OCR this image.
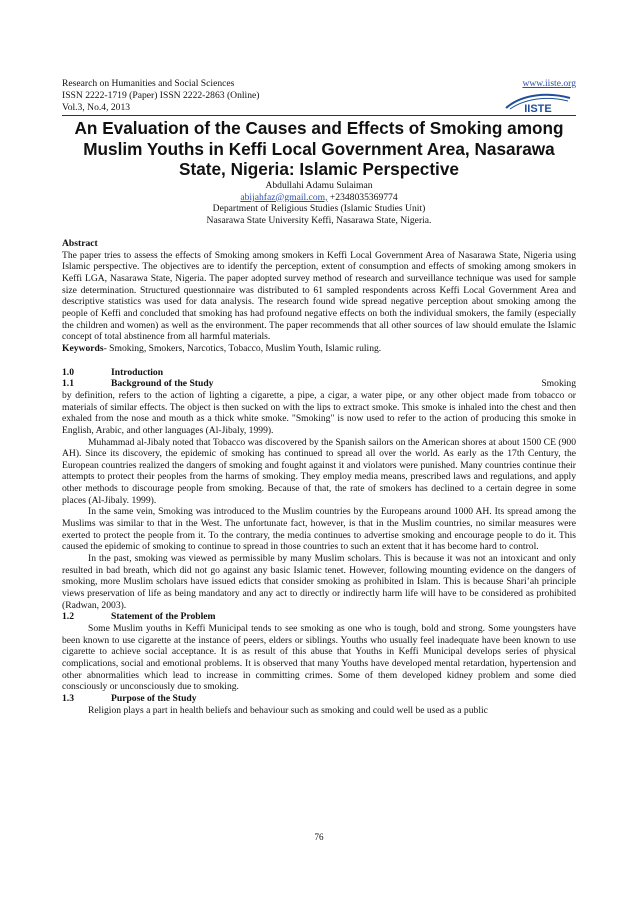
Research on Humanities and Social Sciences
ISSN 2222-1719 (Paper) ISSN 2222-2863 (Online)
Vol.3, No.4, 2013
www.iiste.org
IISTE
An Evaluation of the Causes and Effects of Smoking among Muslim Youths in Keffi Local Government Area, Nasarawa State, Nigeria: Islamic Perspective
Abdullahi Adamu Sulaiman
abijahfaz@gmail.com, +2348035369774
Department of Religious Studies (Islamic Studies Unit)
Nasarawa State University Keffi, Nasarawa State, Nigeria.

Abstract

The paper tries to assess the effects of Smoking among smokers in Keffi Local Government Area of Nasarawa State, Nigeria using Islamic perspective. The objectives are to identify the perception, extent of consumption and effects of smoking among smokers in Keffi LGA, Nasarawa State, Nigeria. The paper adopted survey method of research and surveillance technique was used for sample size determination. Structured questionnaire was distributed to 61 sampled respondents across Keffi Local Government Area and descriptive statistics was used for data analysis. The research found wide spread negative perception about smoking among the people of Keffi and concluded that smoking has had profound negative effects on both the individual smokers, the family (especially the children and women) as well as the environment. The paper recommends that all other sources of law should emulate the Islamic concept of total abstinence from all harmful materials.

Keywords- Smoking, Smokers, Narcotics, Tobacco, Muslim Youth, Islamic ruling.

1.0	Introduction
1.1	Background of the Study	Smoking

by definition, refers to the action of lighting a cigarette, a pipe, a cigar, a water pipe, or any other object made from tobacco or materials of similar effects. The object is then sucked on with the lips to extract smoke. This smoke is inhaled into the chest and then exhaled from the nose and mouth as a thick white smoke. "Smoking" is now used to refer to the action of producing this smoke in English, Arabic, and other languages (Al-Jibaly, 1999).

Muhammad al-Jibaly noted that Tobacco was discovered by the Spanish sailors on the American shores at about 1500 CE (900 AH). Since its discovery, the epidemic of smoking has continued to spread all over the world. As early as the 17th Century, the European countries realized the dangers of smoking and fought against it and violators were punished. Many countries continue their attempts to protect their peoples from the harms of smoking. They employ media means, prescribed laws and regulations, and apply other methods to discourage people from smoking. Because of that, the rate of smokers has declined to a certain degree in some places (Al-Jibaly. 1999).

In the same vein, Smoking was introduced to the Muslim countries by the Europeans around 1000 AH. Its spread among the Muslims was similar to that in the West. The unfortunate fact, however, is that in the Muslim countries, no similar measures were exerted to protect the people from it. To the contrary, the media continues to advertise smoking and encourage people to do it. This caused the epidemic of smoking to continue to spread in those countries to such an extent that it has become hard to control.

In the past, smoking was viewed as permissible by many Muslim scholars. This is because it was not an intoxicant and only resulted in bad breath, which did not go against any basic Islamic tenet. However, following mounting evidence on the dangers of smoking, more Muslim scholars have issued edicts that consider smoking as prohibited in Islam. This is because Shari’ah principle views preservation of life as being mandatory and any act to directly or indirectly harm life will have to be considered as prohibited (Radwan, 2003).

1.2	Statement of the Problem

Some Muslim youths in Keffi Municipal tends to see smoking as one who is tough, bold and strong. Some youngsters have been known to use cigarette at the instance of peers, elders or siblings. Youths who usually feel inadequate have been known to use cigarette to achieve social acceptance. It is as result of this abuse that Youths in Keffi Municipal develops series of physical complications, social and emotional problems. It is observed that many Youths have developed mental retardation, hypertension and other abnormalities which lead to increase in committing crimes. Some of them developed kidney problem and some died consciously or unconsciously due to smoking.

1.3	Purpose of the Study

Religion plays a part in health beliefs and behaviour such as smoking and could well be used as a public

76
